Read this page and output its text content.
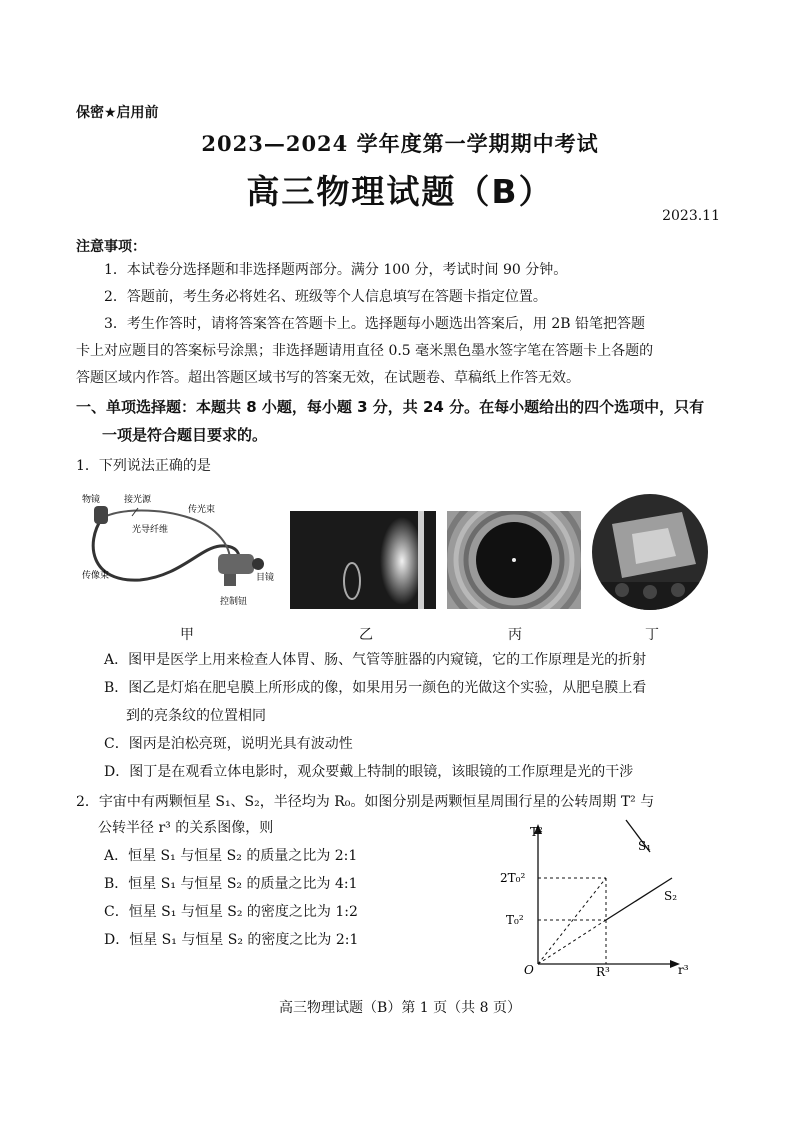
保密★启用前
2023—2024 学年度第一学期期中考试
高三物理试题（B）
2023.11
注意事项：
1．本试卷分选择题和非选择题两部分。满分 100 分，考试时间 90 分钟。
2．答题前，考生务必将姓名、班级等个人信息填写在答题卡指定位置。
3．考生作答时，请将答案答在答题卡上。选择题每小题选出答案后，用 2B 铅笔把答题
卡上对应题目的答案标号涂黑；非选择题请用直径 0.5 毫米黑色墨水签字笔在答题卡上各题的
答题区域内作答。超出答题区域书写的答案无效，在试题卷、草稿纸上作答无效。
一、单项选择题：本题共 8 小题，每小题 3 分，共 24 分。在每小题给出的四个选项中，只有
一项是符合题目要求的。
1．下列说法正确的是
物镜	接光源
传光束
光导纤维
传像束	目镜
控制钮
甲	乙	丙	丁
A．图甲是医学上用来检查人体胃、肠、气管等脏器的内窥镜，它的工作原理是光的折射
B．图乙是灯焰在肥皂膜上所形成的像，如果用另一颜色的光做这个实验，从肥皂膜上看
到的亮条纹的位置相同
C．图丙是泊松亮斑，说明光具有波动性
D．图丁是在观看立体电影时，观众要戴上特制的眼镜，该眼镜的工作原理是光的干涉
2．宇宙中有两颗恒星 S₁、S₂，半径均为 R₀。如图分别是两颗恒星周围行星的公转周期 T² 与
公转半径 r³ 的关系图像，则
A．恒星 S₁ 与恒星 S₂ 的质量之比为 2:1
B．恒星 S₁ 与恒星 S₂ 的质量之比为 4:1
C．恒星 S₁ 与恒星 S₂ 的密度之比为 1:2
D．恒星 S₁ 与恒星 S₂ 的密度之比为 2:1
T²
r³
O
2T₀²
T₀²
R³
S₁
S₂
高三物理试题（B）第 1 页（共 8 页）
